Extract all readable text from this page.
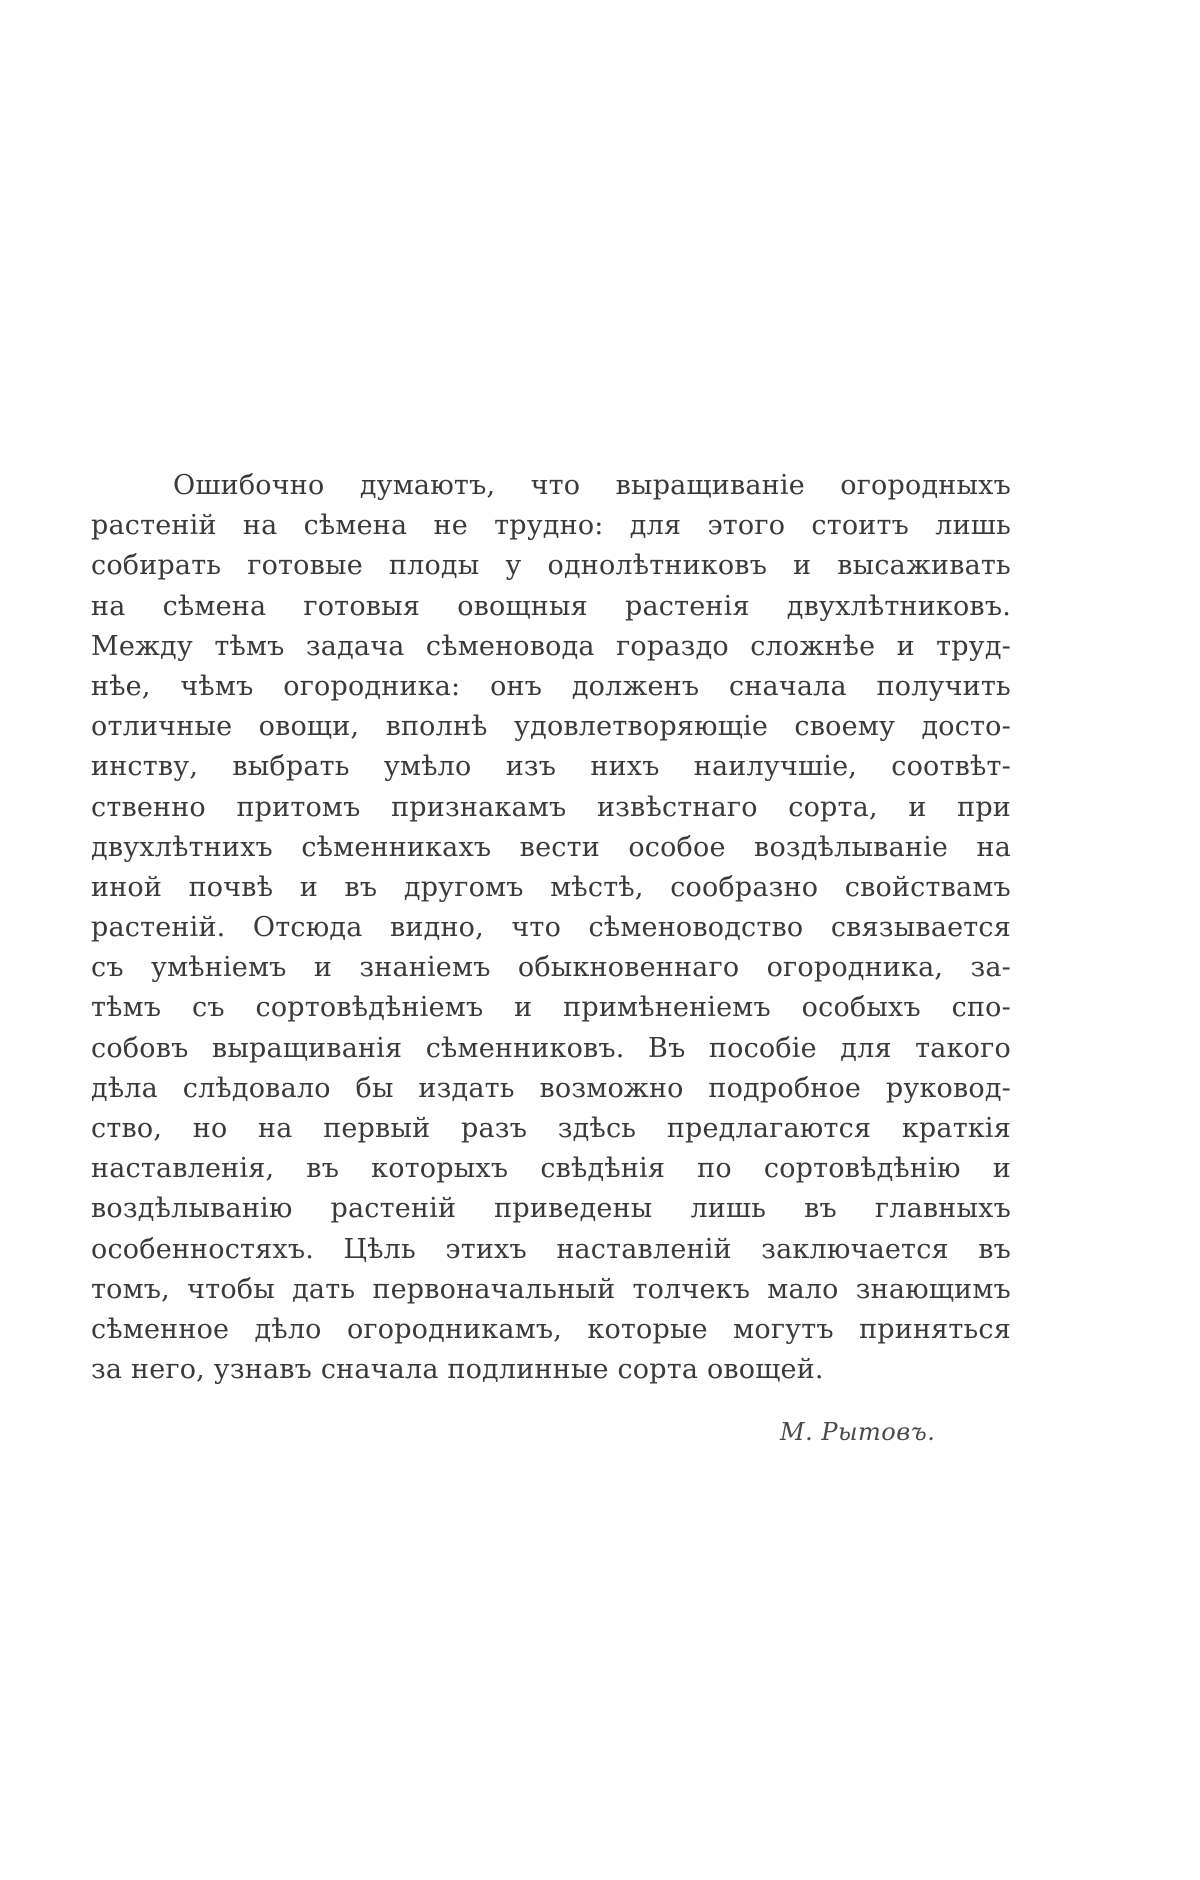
Ошибочно думаютъ, что выращиванiе огородныхъ
растенiй на сѣмена не трудно: для этого стоитъ лишь
собирать готовые плоды у однолѣтниковъ и высаживать
на сѣмена готовыя овощныя растенiя двухлѣтниковъ.
Между тѣмъ задача сѣменовода гораздо сложнѣе и труд-
нѣе, чѣмъ огородника: онъ долженъ сначала получить
отличные овощи, вполнѣ удовлетворяющiе своему досто-
инству, выбрать умѣло изъ нихъ наилучшiе, соотвѣт-
ственно притомъ признакамъ извѣстнаго сорта, и при
двухлѣтнихъ сѣменникахъ вести особое воздѣлыванiе на
иной почвѣ и въ другомъ мѣстѣ, сообразно свойствамъ
растенiй. Отсюда видно, что сѣменоводство связывается
съ умѣнiемъ и знанiемъ обыкновеннаго огородника, за-
тѣмъ съ сортовѣдѣнiемъ и примѣненiемъ особыхъ спо-
собовъ выращиванiя сѣменниковъ. Въ пособiе для такого
дѣла слѣдовало бы издать возможно подробное руковод-
ство, но на первый разъ здѣсь предлагаются краткiя
наставленiя, въ которыхъ свѣдѣнiя по сортовѣдѣнiю и
воздѣлыванiю растенiй приведены лишь въ главныхъ
особенностяхъ. Цѣль этихъ наставленiй заключается въ
томъ, чтобы дать первоначальный толчекъ мало знающимъ
сѣменное дѣло огородникамъ, которые могутъ приняться
за него, узнавъ сначала подлинные сорта овощей.
М. Рытовъ.
